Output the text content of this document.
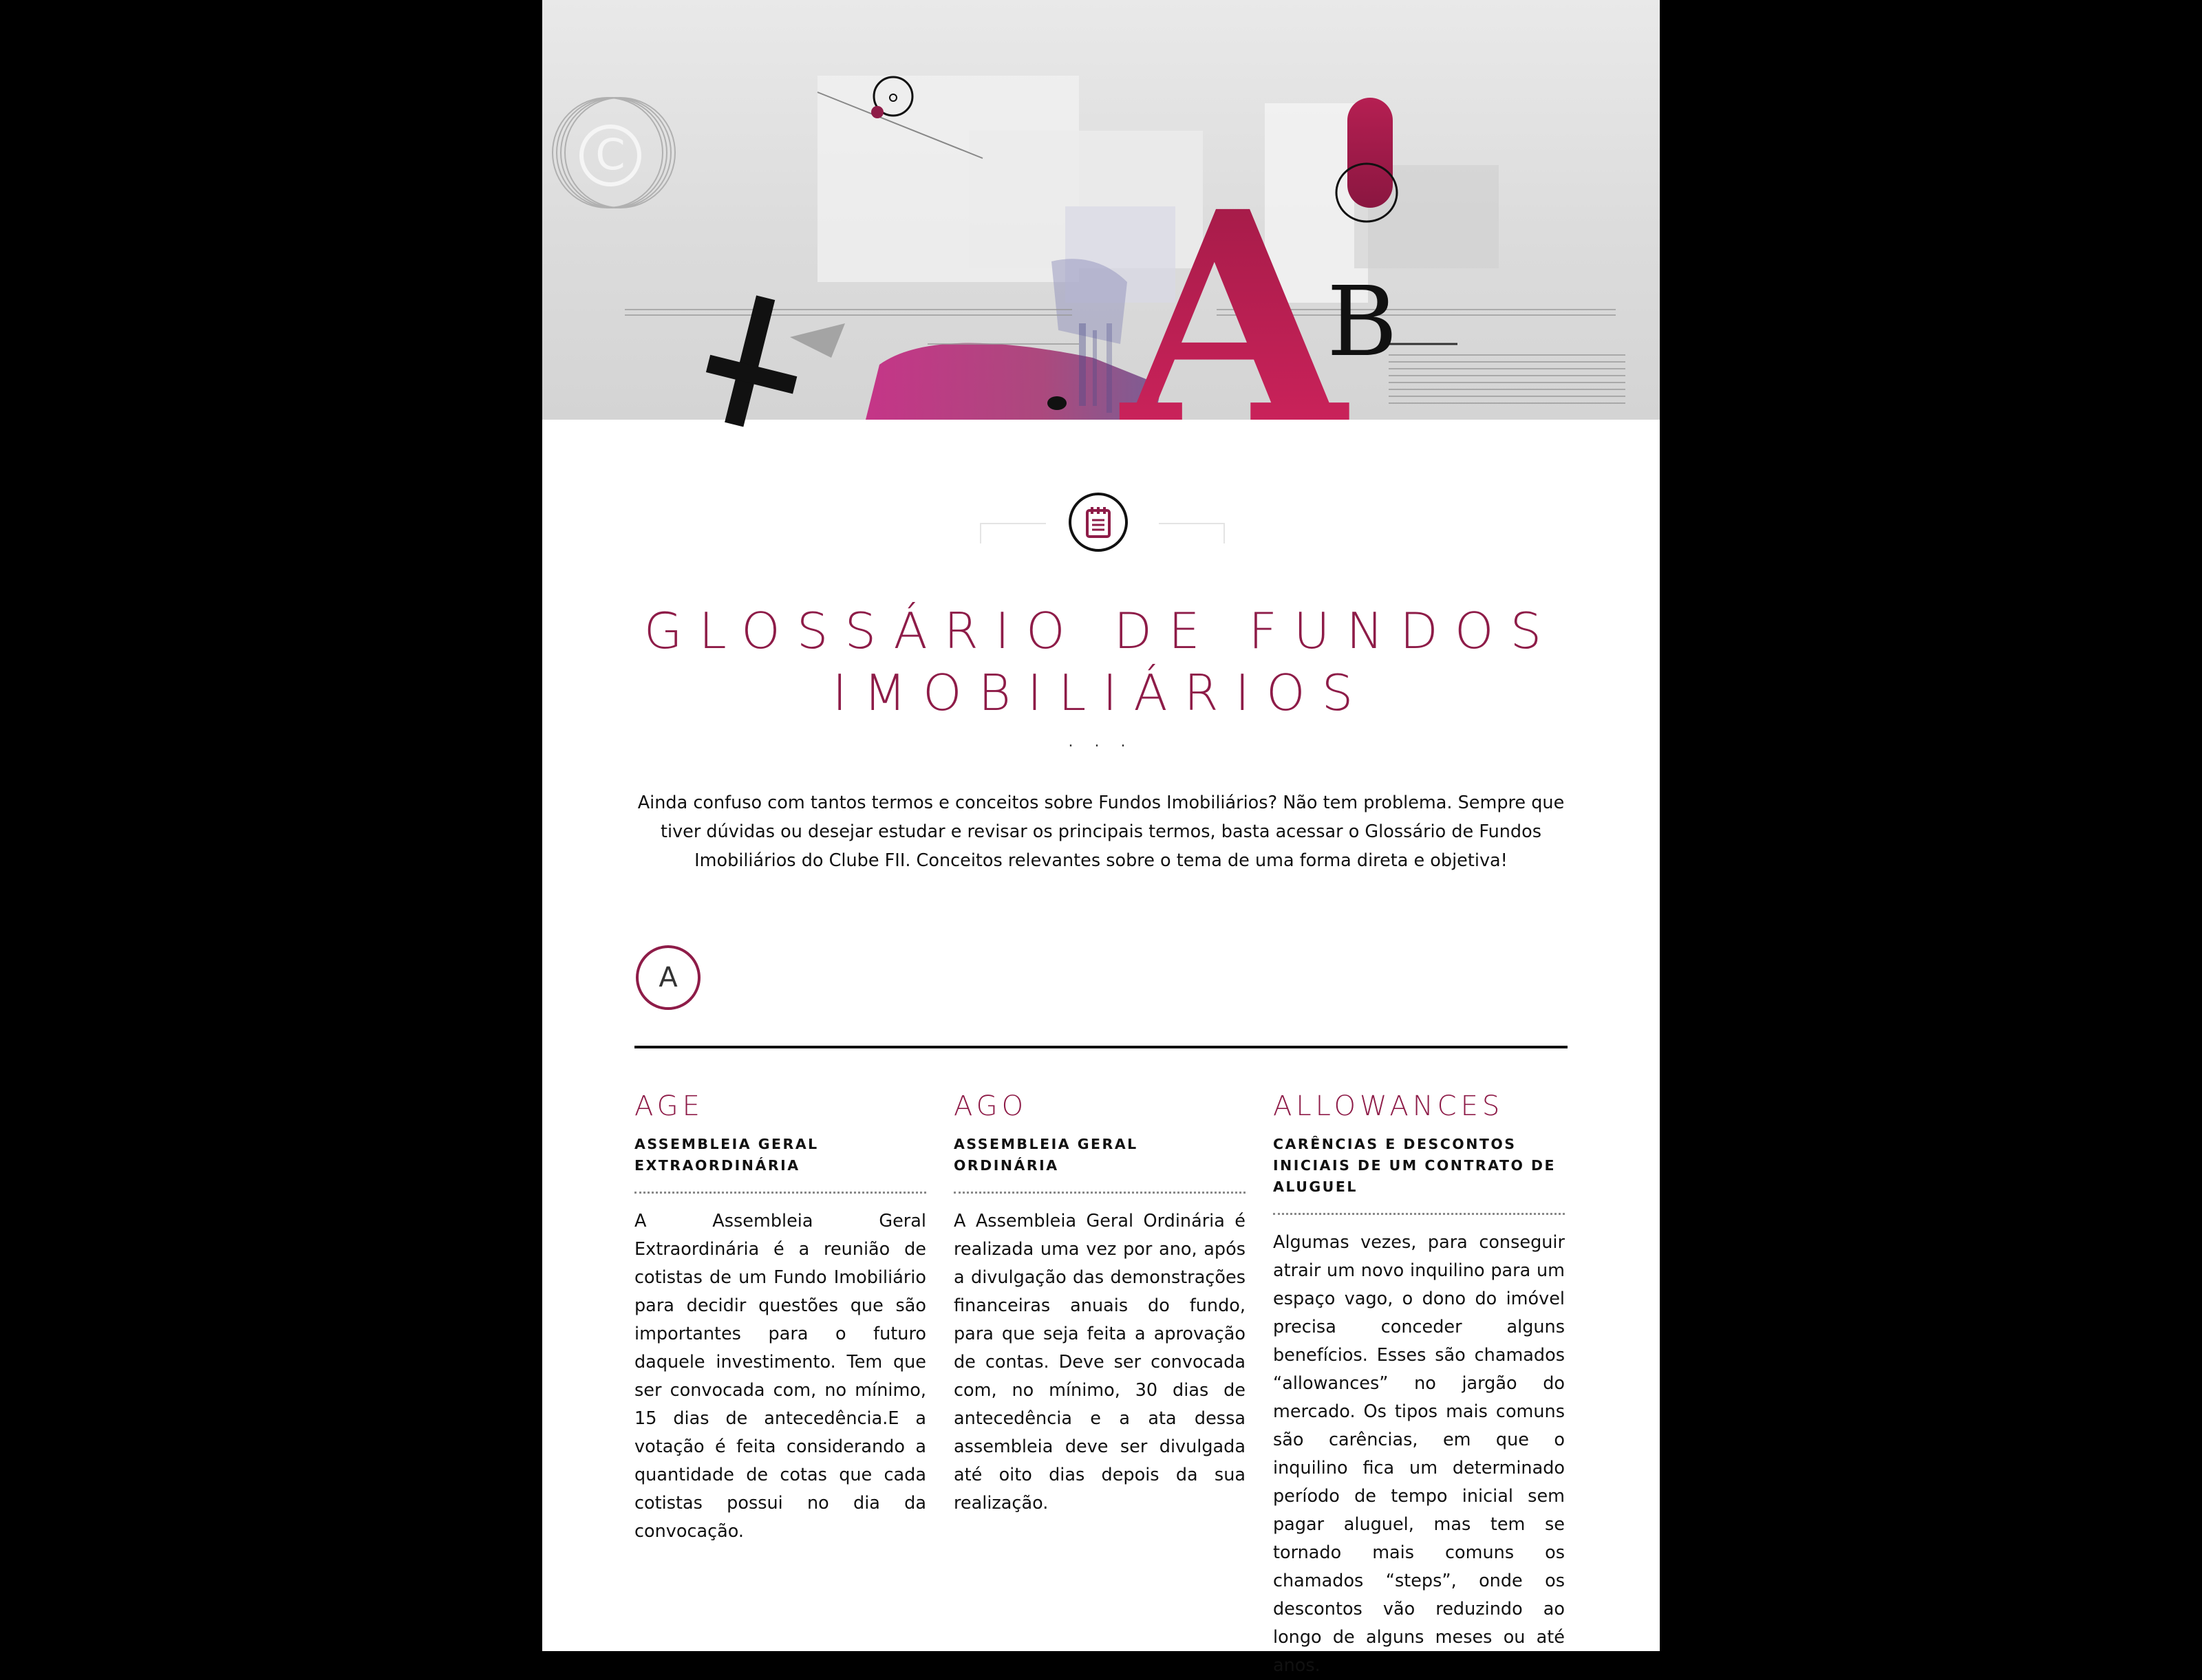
C A
B
GLOSSÁRIO DE FUNDOS
IMOBILIÁRIOS
. . .

Ainda confuso com tantos termos e conceitos sobre Fundos Imobiliários? Não tem problema. Sempre que tiver dúvidas ou desejar estudar e revisar os principais termos, basta acessar o Glossário de Fundos Imobiliários do Clube FII. Conceitos relevantes sobre o tema de uma forma direta e objetiva!

A
AGE
ASSEMBLEIA GERAL EXTRAORDINÁRIA
A Assembleia Geral Extraordinária é a reunião de cotistas de um Fundo Imobiliário para decidir questões que são importantes para o futuro daquele investimento. Tem que ser convocada com, no mínimo, 15 dias de antecedência.E a votação é feita considerando a quantidade de cotas que cada cotistas possui no dia da convocação.
AGO
ASSEMBLEIA GERAL ORDINÁRIA
A Assembleia Geral Ordinária é realizada uma vez por ano, após a divulgação das demonstrações financeiras anuais do fundo, para que seja feita a aprovação de contas. Deve ser convocada com, no mínimo, 30 dias de antecedência e a ata dessa assembleia deve ser divulgada até oito dias depois da sua realização.
ALLOWANCES
CARÊNCIAS E DESCONTOS INICIAIS DE UM CONTRATO DE ALUGUEL
Algumas vezes, para conseguir atrair um novo inquilino para um espaço vago, o dono do imóvel precisa conceder alguns benefícios. Esses são chamados “allowances” no jargão do mercado. Os tipos mais comuns são carências, em que o inquilino fica um determinado período de tempo inicial sem pagar aluguel, mas tem se tornado mais comuns os chamados “steps”, onde os descontos vão reduzindo ao longo de alguns meses ou até anos.
